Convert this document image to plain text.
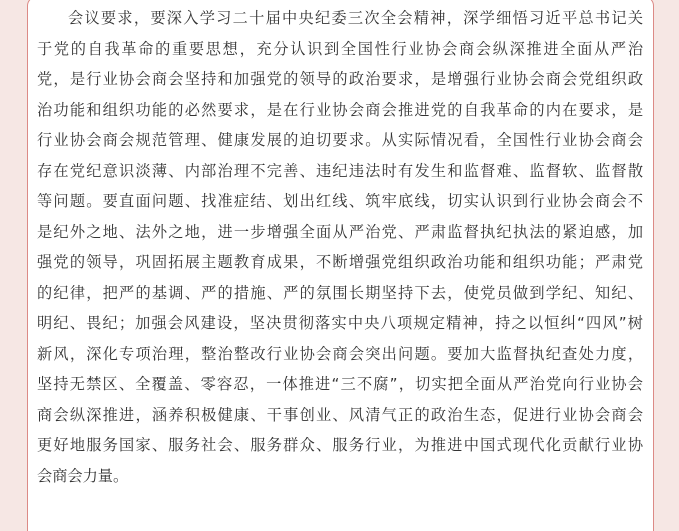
会议要求，要深入学习二十届中央纪委三次全会精神，深学细悟习近平总书记关
于党的自我革命的重要思想，充分认识到全国性行业协会商会纵深推进全面从严治
党，是行业协会商会坚持和加强党的领导的政治要求，是增强行业协会商会党组织政
治功能和组织功能的必然要求，是在行业协会商会推进党的自我革命的内在要求，是
行业协会商会规范管理、健康发展的迫切要求。从实际情况看，全国性行业协会商会
存在党纪意识淡薄、内部治理不完善、违纪违法时有发生和监督难、监督软、监督散
等问题。要直面问题、找准症结、划出红线、筑牢底线，切实认识到行业协会商会不
是纪外之地、法外之地，进一步增强全面从严治党、严肃监督执纪执法的紧迫感，加
强党的领导，巩固拓展主题教育成果，不断增强党组织政治功能和组织功能；严肃党
的纪律，把严的基调、严的措施、严的氛围长期坚持下去，使党员做到学纪、知纪、
明纪、畏纪；加强会风建设，坚决贯彻落实中央八项规定精神，持之以恒纠“四风”树
新风，深化专项治理，整治整改行业协会商会突出问题。要加大监督执纪查处力度，
坚持无禁区、全覆盖、零容忍，一体推进“三不腐”，切实把全面从严治党向行业协会
商会纵深推进，涵养积极健康、干事创业、风清气正的政治生态，促进行业协会商会
更好地服务国家、服务社会、服务群众、服务行业，为推进中国式现代化贡献行业协
会商会力量。
